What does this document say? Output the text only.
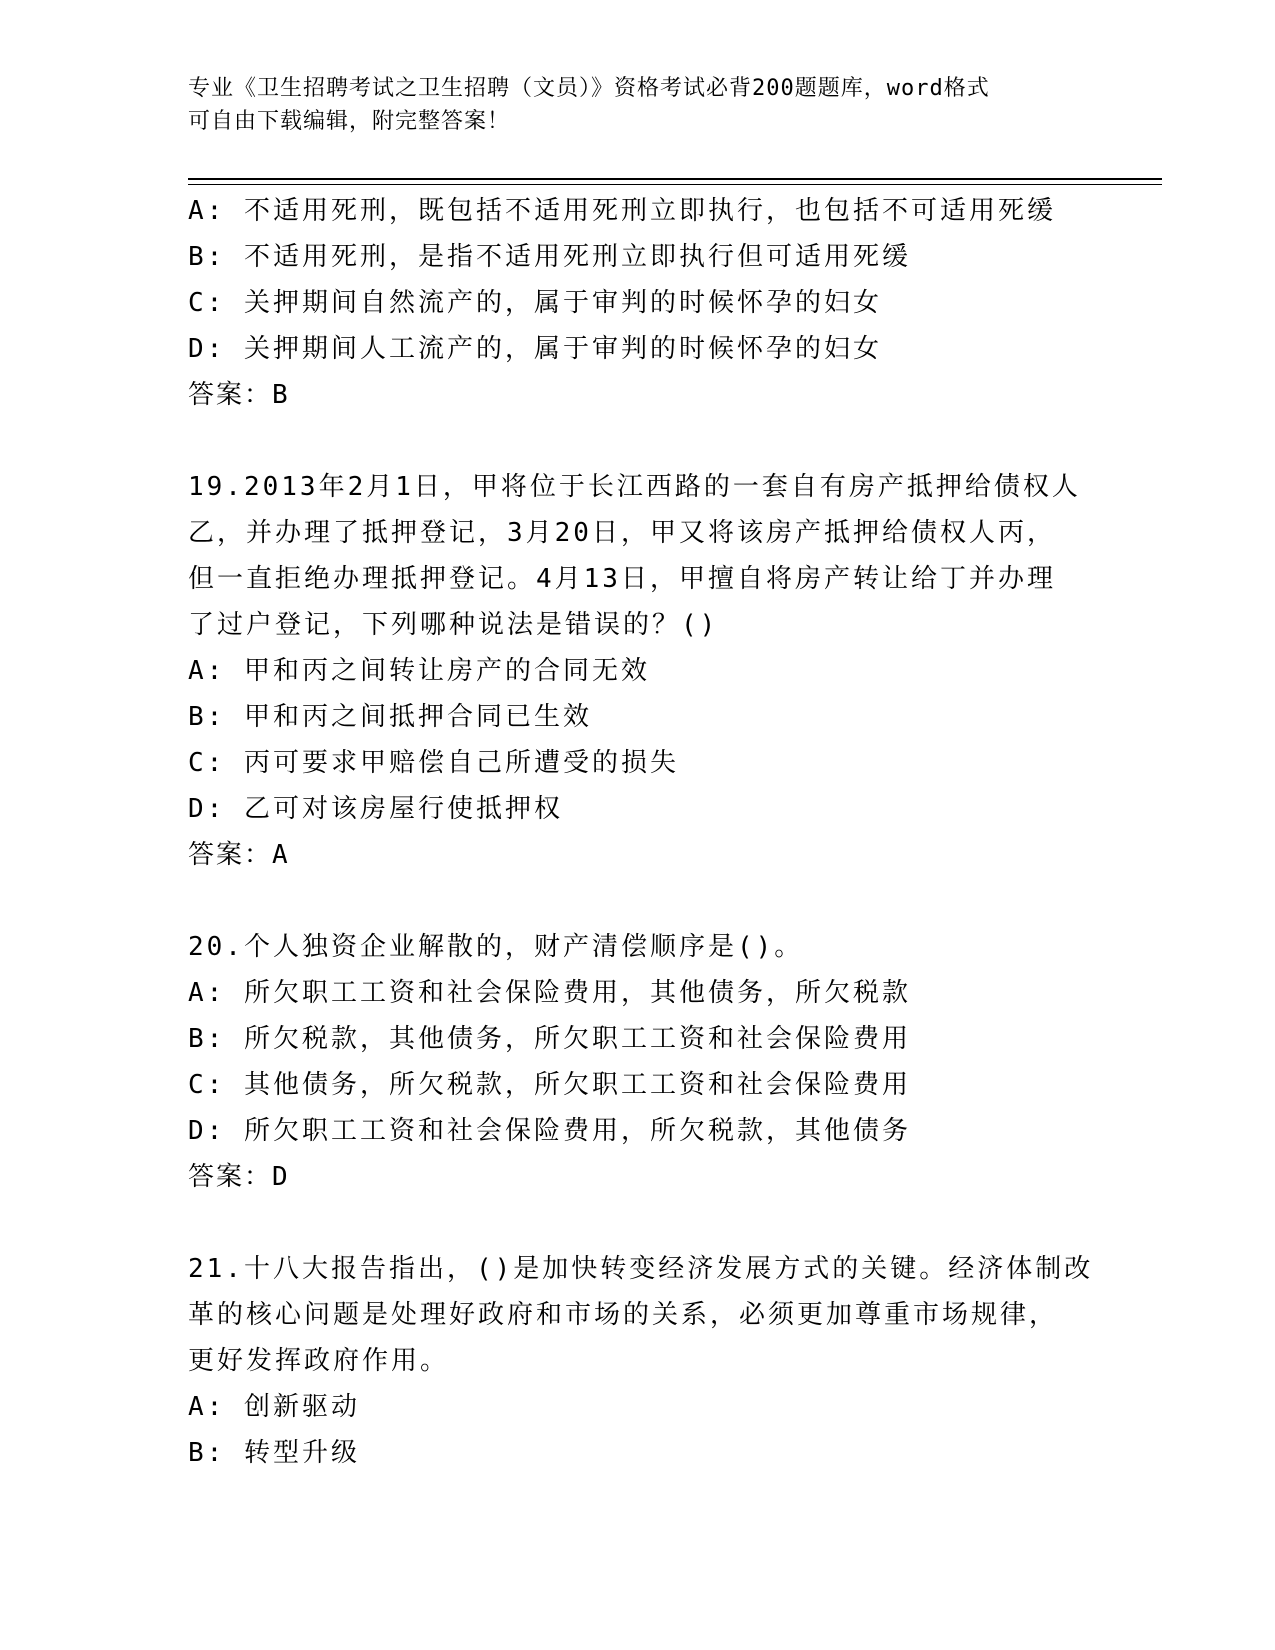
专业《卫生招聘考试之卫生招聘（文员）》资格考试必背200题题库，word格式
可自由下载编辑，附完整答案！
A: 不适用死刑，既包括不适用死刑立即执行，也包括不可适用死缓
B: 不适用死刑，是指不适用死刑立即执行但可适用死缓
C: 关押期间自然流产的，属于审判的时候怀孕的妇女
D: 关押期间人工流产的，属于审判的时候怀孕的妇女
答案：B
19.2013年2月1日，甲将位于长江西路的一套自有房产抵押给债权人
乙，并办理了抵押登记，3月20日，甲又将该房产抵押给债权人丙，
但一直拒绝办理抵押登记。4月13日，甲擅自将房产转让给丁并办理
了过户登记，下列哪种说法是错误的？()
A: 甲和丙之间转让房产的合同无效
B: 甲和丙之间抵押合同已生效
C: 丙可要求甲赔偿自己所遭受的损失
D: 乙可对该房屋行使抵押权
答案：A
20.个人独资企业解散的，财产清偿顺序是()。
A: 所欠职工工资和社会保险费用，其他债务，所欠税款
B: 所欠税款，其他债务，所欠职工工资和社会保险费用
C: 其他债务，所欠税款，所欠职工工资和社会保险费用
D: 所欠职工工资和社会保险费用，所欠税款，其他债务
答案：D
21.十八大报告指出，()是加快转变经济发展方式的关键。经济体制改
革的核心问题是处理好政府和市场的关系，必须更加尊重市场规律，
更好发挥政府作用。
A: 创新驱动
B: 转型升级
